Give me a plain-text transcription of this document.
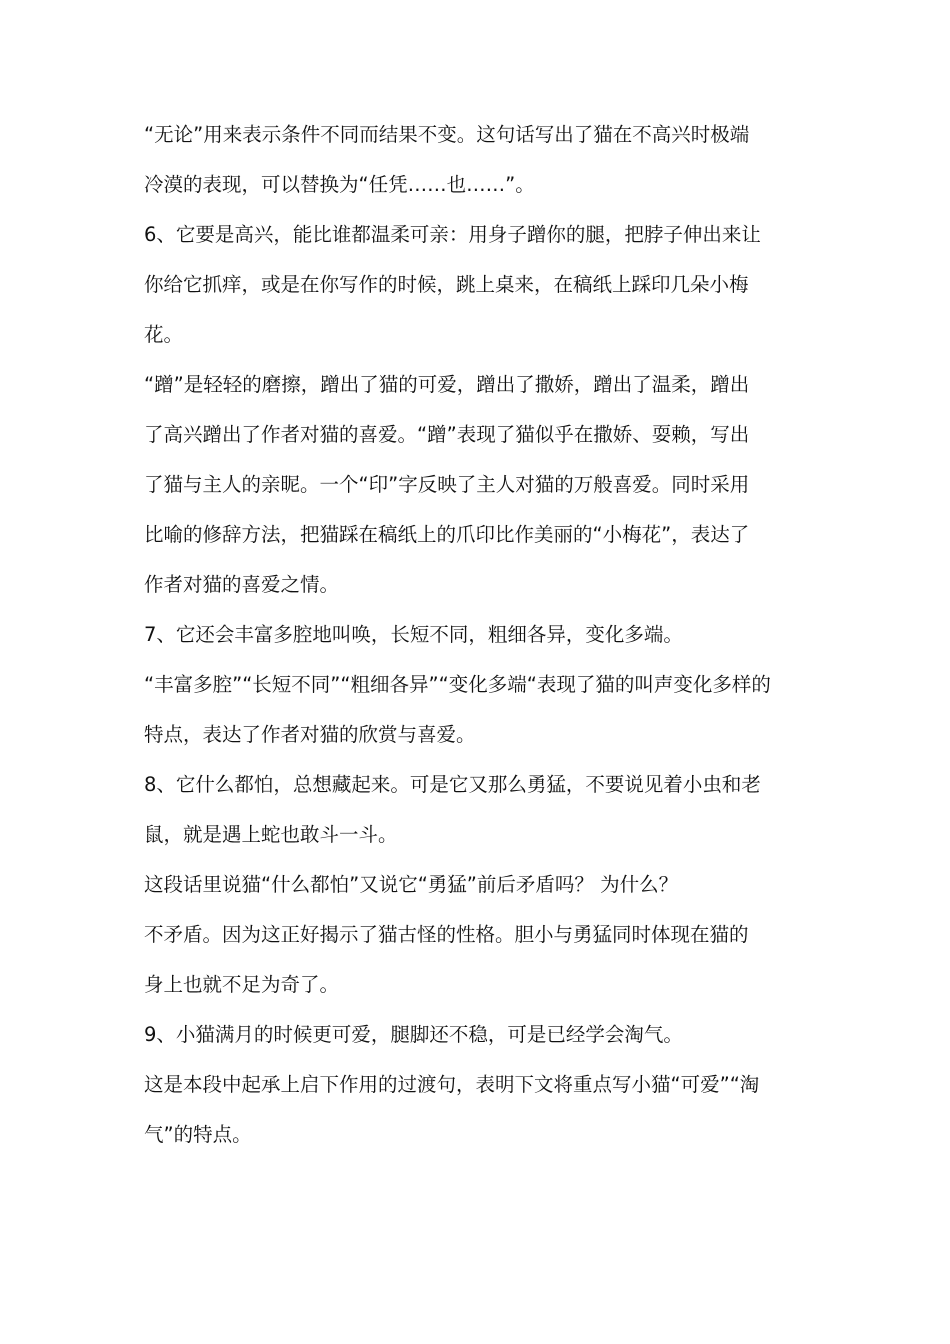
“无论”用来表示条件不同而结果不变。这句话写出了猫在不高兴时极端
冷漠的表现，可以替换为“任凭……也……”。
6、它要是高兴，能比谁都温柔可亲：用身子蹭你的腿，把脖子伸出来让
你给它抓痒，或是在你写作的时候，跳上桌来，在稿纸上踩印几朵小梅
花。
“蹭”是轻轻的磨擦，蹭出了猫的可爱，蹭出了撒娇，蹭出了温柔，蹭出
了高兴蹭出了作者对猫的喜爱。“蹭”表现了猫似乎在撒娇、耍赖，写出
了猫与主人的亲昵。一个“印”字反映了主人对猫的万般喜爱。同时采用
比喻的修辞方法，把猫踩在稿纸上的爪印比作美丽的“小梅花”，表达了
作者对猫的喜爱之情。
7、它还会丰富多腔地叫唤，长短不同，粗细各异，变化多端。
“丰富多腔”“长短不同”“粗细各异”“变化多端“表现了猫的叫声变化多样的
特点，表达了作者对猫的欣赏与喜爱。
8、它什么都怕，总想藏起来。可是它又那么勇猛，不要说见着小虫和老
鼠，就是遇上蛇也敢斗一斗。
这段话里说猫“什么都怕”又说它“勇猛”前后矛盾吗？ 为什么？
不矛盾。因为这正好揭示了猫古怪的性格。胆小与勇猛同时体现在猫的
身上也就不足为奇了。
9、小猫满月的时候更可爱，腿脚还不稳，可是已经学会淘气。
这是本段中起承上启下作用的过渡句，表明下文将重点写小猫“可爱”“淘
气”的特点。
